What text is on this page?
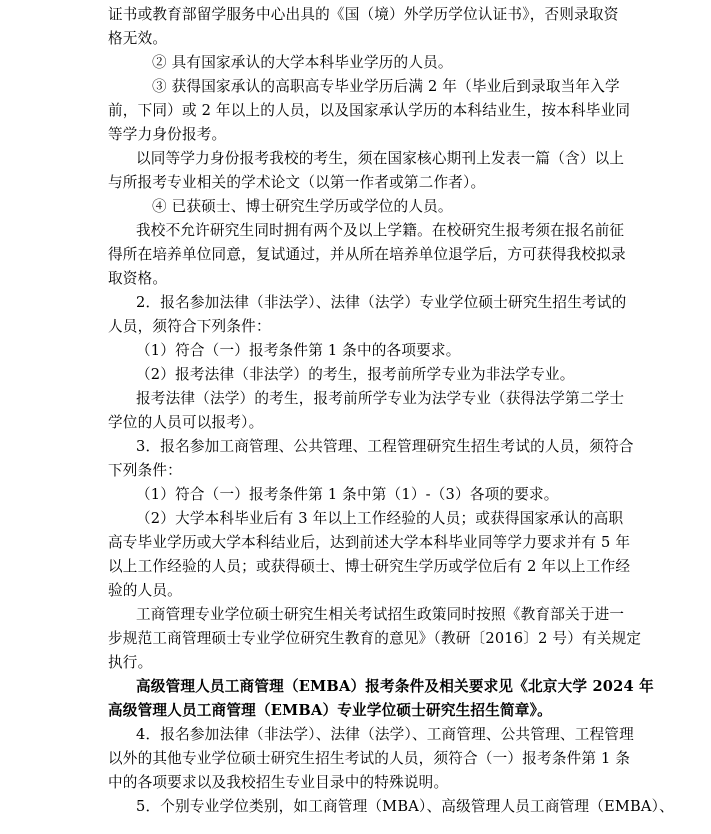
证书或教育部留学服务中心出具的《国（境）外学历学位认证书》，否则录取资
格无效。
② 具有国家承认的大学本科毕业学历的人员。
③ 获得国家承认的高职高专毕业学历后满 2 年（毕业后到录取当年入学
前，下同）或 2 年以上的人员，以及国家承认学历的本科结业生，按本科毕业同
等学力身份报考。
以同等学力身份报考我校的考生，须在国家核心期刊上发表一篇（含）以上
与所报考专业相关的学术论文（以第一作者或第二作者）。
④ 已获硕士、博士研究生学历或学位的人员。
我校不允许研究生同时拥有两个及以上学籍。在校研究生报考须在报名前征
得所在培养单位同意，复试通过，并从所在培养单位退学后，方可获得我校拟录
取资格。
2．报名参加法律（非法学）、法律（法学）专业学位硕士研究生招生考试的
人员，须符合下列条件：
（1）符合（一）报考条件第 1 条中的各项要求。
（2）报考法律（非法学）的考生，报考前所学专业为非法学专业。
报考法律（法学）的考生，报考前所学专业为法学专业（获得法学第二学士
学位的人员可以报考）。
3．报名参加工商管理、公共管理、工程管理研究生招生考试的人员，须符合
下列条件：
（1）符合（一）报考条件第 1 条中第（1）-（3）各项的要求。
（2）大学本科毕业后有 3 年以上工作经验的人员；或获得国家承认的高职
高专毕业学历或大学本科结业后，达到前述大学本科毕业同等学力要求并有 5 年
以上工作经验的人员；或获得硕士、博士研究生学历或学位后有 2 年以上工作经
验的人员。
工商管理专业学位硕士研究生相关考试招生政策同时按照《教育部关于进一
步规范工商管理硕士专业学位研究生教育的意见》（教研〔2016〕2 号）有关规定
执行。
高级管理人员工商管理（EMBA）报考条件及相关要求见《北京大学 2024 年
高级管理人员工商管理（EMBA）专业学位硕士研究生招生简章》。
4．报名参加法律（非法学）、法律（法学）、工商管理、公共管理、工程管理
以外的其他专业学位硕士研究生招生考试的人员，须符合（一）报考条件第 1 条
中的各项要求以及我校招生专业目录中的特殊说明。
5．个别专业学位类别，如工商管理（MBA）、高级管理人员工商管理（EMBA）、
